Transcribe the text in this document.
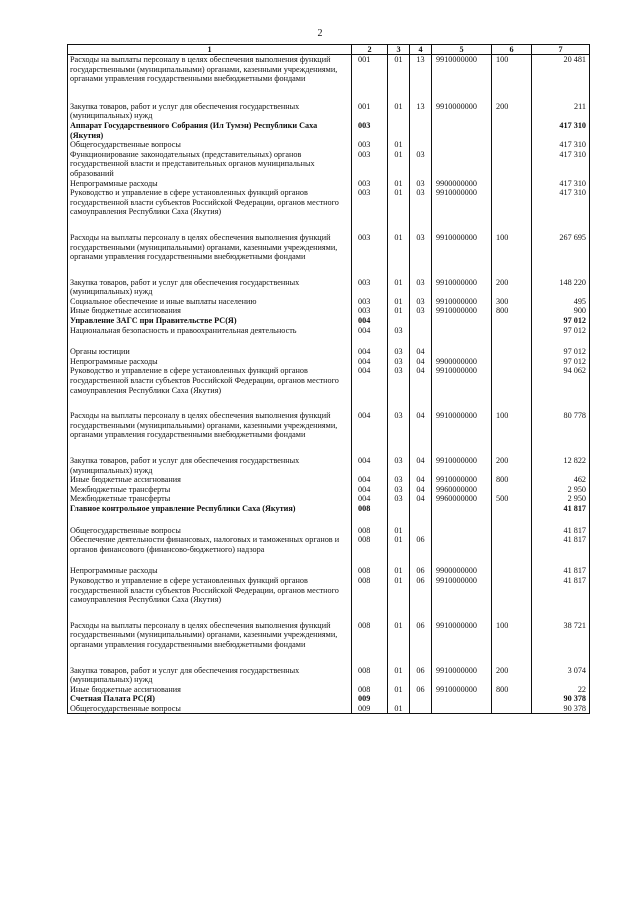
2
1	2	3	4	5	6	7
Расходы на выплаты персоналу в целях обеспечения выполнения функций государственными (муниципальными) органами, казенными учреждениями, органами управления государственными внебюджетными фондами	001	01	13	9910000000	100	20 481
Закупка товаров, работ и услуг для обеспечения государственных (муниципальных) нужд	001	01	13	9910000000	200	211
Аппарат Государственного Собрания (Ил Тумэн) Республики Саха (Якутия)	003					417 310
Общегосударственные вопросы	003	01				417 310
Функционирование законодательных (представительных) органов государственной власти и представительных органов муниципальных образований	003	01	03			417 310
Непрограммные расходы	003	01	03	9900000000		417 310
Руководство и управление в сфере установленных функций органов государственной власти субъектов Российской Федерации, органов местного самоуправления Республики Саха (Якутия)	003	01	03	9910000000		417 310
Расходы на выплаты персоналу в целях обеспечения выполнения функций государственными (муниципальными) органами, казенными учреждениями, органами управления государственными внебюджетными фондами	003	01	03	9910000000	100	267 695
Закупка товаров, работ и услуг для обеспечения государственных (муниципальных) нужд	003	01	03	9910000000	200	148 220
Социальное обеспечение и иные выплаты населению	003	01	03	9910000000	300	495
Иные бюджетные ассигнования	003	01	03	9910000000	800	900
Управление ЗАГС при Правительстве РС(Я)	004					97 012
Национальная безопасность и правоохранительная деятельность	004	03				97 012
Органы юстиции	004	03	04			97 012
Непрограммные расходы	004	03	04	9900000000		97 012
Руководство и управление в сфере установленных функций органов государственной власти субъектов Российской Федерации, органов местного самоуправления Республики Саха (Якутия)	004	03	04	9910000000		94 062
Расходы на выплаты персоналу в целях обеспечения выполнения функций государственными (муниципальными) органами, казенными учреждениями, органами управления государственными внебюджетными фондами	004	03	04	9910000000	100	80 778
Закупка товаров, работ и услуг для обеспечения государственных (муниципальных) нужд	004	03	04	9910000000	200	12 822
Иные бюджетные ассигнования	004	03	04	9910000000	800	462
Межбюджетные трансферты	004	03	04	9960000000		2 950
Межбюджетные трансферты	004	03	04	9960000000	500	2 950
Главное контрольное управление Республики Саха (Якутия)	008					41 817
Общегосударственные вопросы	008	01				41 817
Обеспечение деятельности финансовых, налоговых и таможенных органов и органов финансового (финансово-бюджетного) надзора	008	01	06			41 817
Непрограммные расходы	008	01	06	9900000000		41 817
Руководство и управление в сфере установленных функций органов государственной власти субъектов Российской Федерации, органов местного самоуправления Республики Саха (Якутия)	008	01	06	9910000000		41 817
Расходы на выплаты персоналу в целях обеспечения выполнения функций государственными (муниципальными) органами, казенными учреждениями, органами управления государственными внебюджетными фондами	008	01	06	9910000000	100	38 721
Закупка товаров, работ и услуг для обеспечения государственных (муниципальных) нужд	008	01	06	9910000000	200	3 074
Иные бюджетные ассигнования	008	01	06	9910000000	800	22
Счетная Палата РС(Я)	009					90 378
Общегосударственные вопросы	009	01				90 378
